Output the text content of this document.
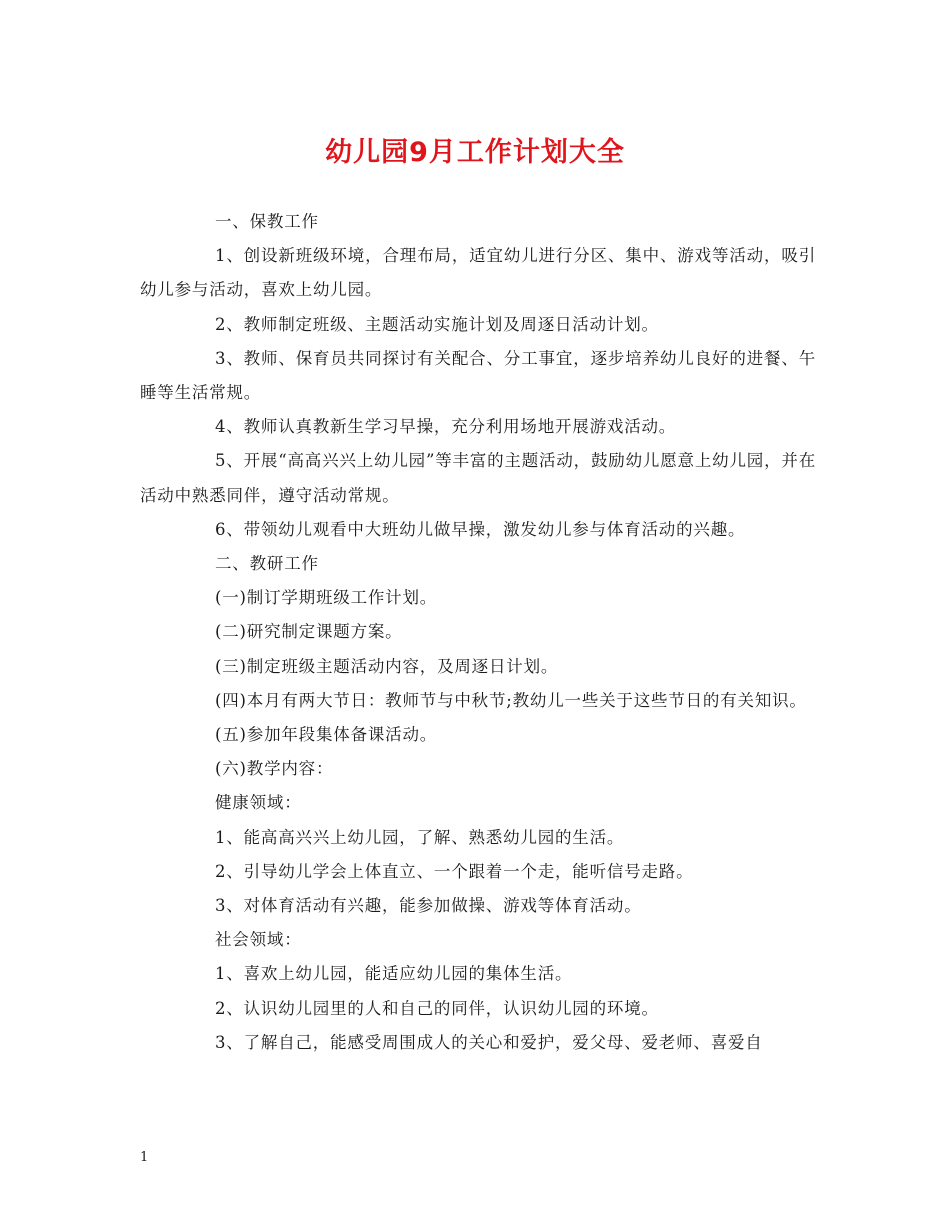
幼儿园9月工作计划大全

一、保教工作

1、创设新班级环境，合理布局，适宜幼儿进行分区、集中、游戏等活动，吸引幼儿参与活动，喜欢上幼儿园。

2、教师制定班级、主题活动实施计划及周逐日活动计划。

3、教师、保育员共同探讨有关配合、分工事宜，逐步培养幼儿良好的进餐、午睡等生活常规。

4、教师认真教新生学习早操，充分利用场地开展游戏活动。

5、开展“高高兴兴上幼儿园”等丰富的主题活动，鼓励幼儿愿意上幼儿园，并在活动中熟悉同伴，遵守活动常规。

6、带领幼儿观看中大班幼儿做早操，激发幼儿参与体育活动的兴趣。

二、教研工作

(一)制订学期班级工作计划。

(二)研究制定课题方案。

(三)制定班级主题活动内容，及周逐日计划。

(四)本月有两大节日：教师节与中秋节;教幼儿一些关于这些节日的有关知识。

(五)参加年段集体备课活动。

(六)教学内容：

健康领域：

1、能高高兴兴上幼儿园，了解、熟悉幼儿园的生活。

2、引导幼儿学会上体直立、一个跟着一个走，能听信号走路。

3、对体育活动有兴趣，能参加做操、游戏等体育活动。

社会领域：

1、喜欢上幼儿园，能适应幼儿园的集体生活。

2、认识幼儿园里的人和自己的同伴，认识幼儿园的环境。

3、了解自己，能感受周围成人的关心和爱护，爱父母、爱老师、喜爱自

1
